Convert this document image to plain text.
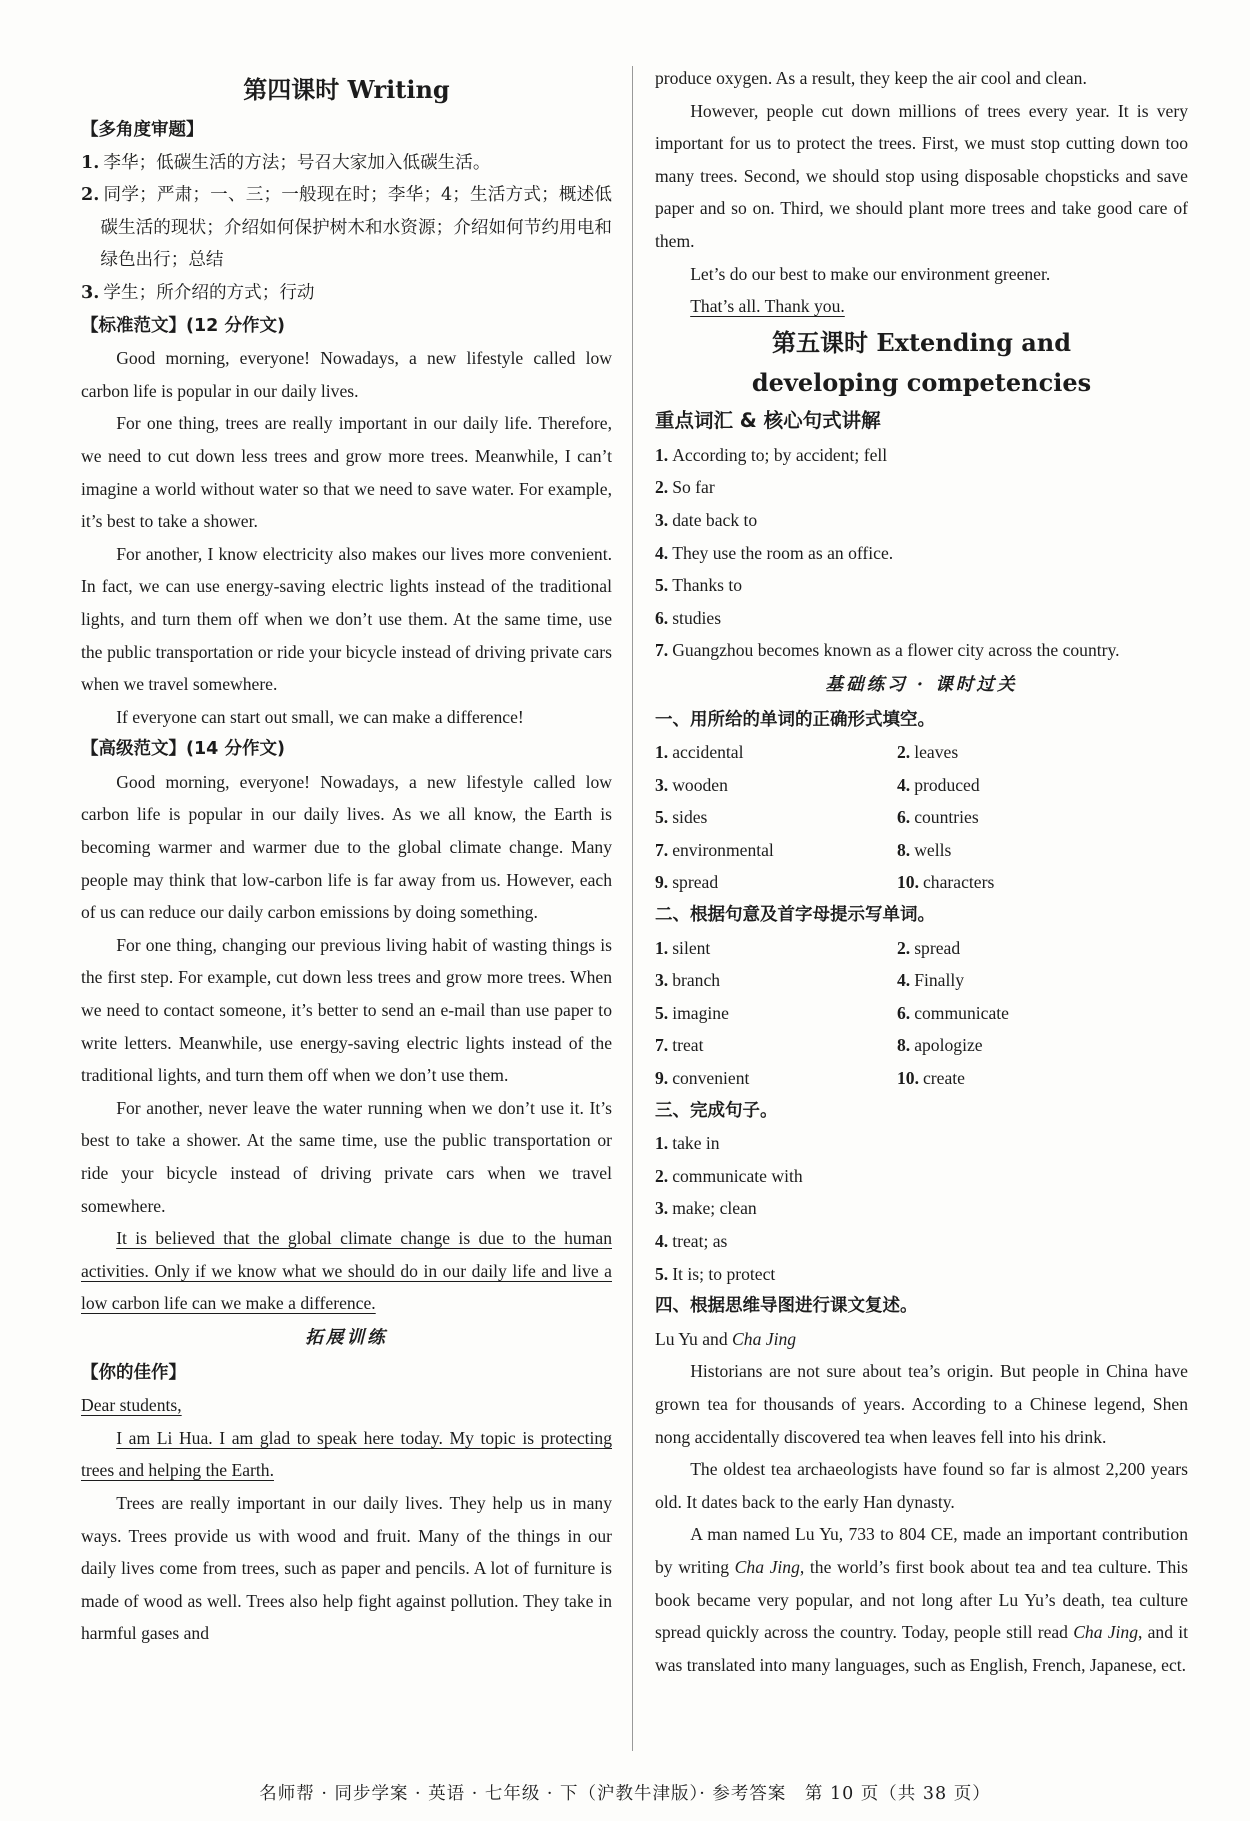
第四课时 Writing
【多角度审题】

1. 李华；低碳生活的方法；号召大家加入低碳生活。

2. 同学；严肃；一、三；一般现在时；李华；4；生活方式；概述低碳生活的现状；介绍如何保护树木和水资源；介绍如何节约用电和绿色出行；总结

3. 学生；所介绍的方式；行动

【标准范文】(12 分作文)

Good morning, everyone! Nowadays, a new lifestyle called low carbon life is popular in our daily lives.

For one thing, trees are really important in our daily life. Therefore, we need to cut down less trees and grow more trees. Meanwhile, I can’t imagine a world without water so that we need to save water. For example, it’s best to take a shower.

For another, I know electricity also makes our lives more convenient. In fact, we can use energy-saving electric lights instead of the traditional lights, and turn them off when we don’t use them. At the same time, use the public transportation or ride your bicycle instead of driving private cars when we travel somewhere.

If everyone can start out small, we can make a difference!

【高级范文】(14 分作文)

Good morning, everyone! Nowadays, a new lifestyle called low carbon life is popular in our daily lives. As we all know, the Earth is becoming warmer and warmer due to the global climate change. Many people may think that low-carbon life is far away from us. However, each of us can reduce our daily carbon emissions by doing something.

For one thing, changing our previous living habit of wasting things is the first step. For example, cut down less trees and grow more trees. When we need to contact someone, it’s better to send an e-mail than use paper to write letters. Meanwhile, use energy-saving electric lights instead of the traditional lights, and turn them off when we don’t use them.

For another, never leave the water running when we don’t use it. It’s best to take a shower. At the same time, use the public transportation or ride your bicycle instead of driving private cars when we travel somewhere.

It is believed that the global climate change is due to the human activities. Only if we know what we should do in our daily life and live a low carbon life can we make a difference.

拓展训练
【你的佳作】

Dear students,

I am Li Hua. I am glad to speak here today. My topic is protecting trees and helping the Earth.

Trees are really important in our daily lives. They help us in many ways. Trees provide us with wood and fruit. Many of the things in our daily lives come from trees, such as paper and pencils. A lot of furniture is made of wood as well. Trees also help fight against pollution. They take in harmful gases and

produce oxygen. As a result, they keep the air cool and clean.

However, people cut down millions of trees every year. It is very important for us to protect the trees. First, we must stop cutting down too many trees. Second, we should stop using disposable chopsticks and save paper and so on. Third, we should plant more trees and take good care of them.

Let’s do our best to make our environment greener.

That’s all. Thank you.

第五课时 Extending and
developing competencies
重点词汇 & 核心句式讲解

1. According to; by accident; fell

2. So far

3. date back to

4. They use the room as an office.

5. Thanks to

6. studies

7. Guangzhou becomes known as a flower city across the country.

基础练习 · 课时过关
一、用所给的单词的正确形式填空。
1. accidental	2. leaves
3. wooden	4. produced
5. sides	6. countries
7. environmental	8. wells
9. spread	10. characters
二、根据句意及首字母提示写单词。
1. silent	2. spread
3. branch	4. Finally
5. imagine	6. communicate
7. treat	8. apologize
9. convenient	10. create
三、完成句子。

1. take in

2. communicate with

3. make; clean

4. treat; as

5. It is; to protect

四、根据思维导图进行课文复述。

Lu Yu and Cha Jing

Historians are not sure about tea’s origin. But people in China have grown tea for thousands of years. According to a Chinese legend, Shen nong accidentally discovered tea when leaves fell into his drink.

The oldest tea archaeologists have found so far is almost 2,200 years old. It dates back to the early Han dynasty.

A man named Lu Yu, 733 to 804 CE, made an important contribution by writing Cha Jing, the world’s first book about tea and tea culture. This book became very popular, and not long after Lu Yu’s death, tea culture spread quickly across the country. Today, people still read Cha Jing, and it was translated into many languages, such as English, French, Japanese, ect.

名师帮 · 同步学案 · 英语 · 七年级 · 下（沪教牛津版）· 参考答案　第 10 页（共 38 页）
